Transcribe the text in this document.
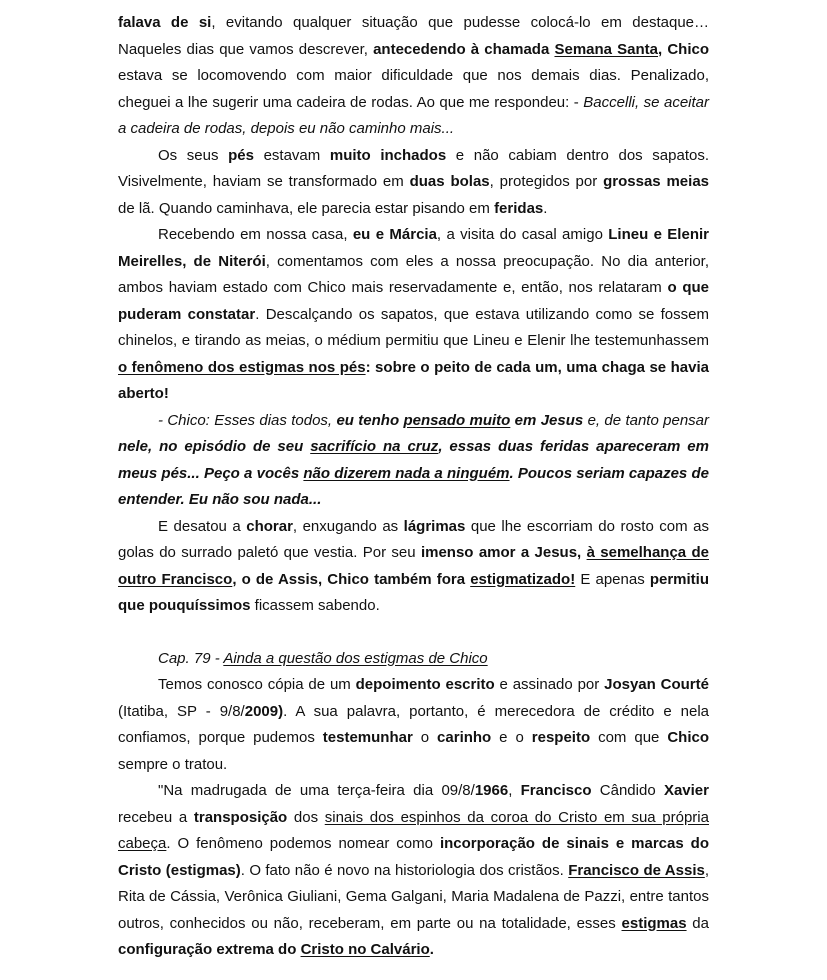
falava de si, evitando qualquer situação que pudesse colocá-lo em destaque… Naqueles dias que vamos descrever, antecedendo à chamada Semana Santa, Chico estava se locomovendo com maior dificuldade que nos demais dias. Penalizado, cheguei a lhe sugerir uma cadeira de rodas. Ao que me respondeu: - Baccelli, se aceitar a cadeira de rodas, depois eu não caminho mais...

Os seus pés estavam muito inchados e não cabiam dentro dos sapatos. Visivelmente, haviam se transformado em duas bolas, protegidos por grossas meias de lã. Quando caminhava, ele parecia estar pisando em feridas.

Recebendo em nossa casa, eu e Márcia, a visita do casal amigo Lineu e Elenir Meirelles, de Niterói, comentamos com eles a nossa preocupação. No dia anterior, ambos haviam estado com Chico mais reservadamente e, então, nos relataram o que puderam constatar. Descalçando os sapatos, que estava utilizando como se fossem chinelos, e tirando as meias, o médium permitiu que Lineu e Elenir lhe testemunhassem o fenômeno dos estigmas nos pés: sobre o peito de cada um, uma chaga se havia aberto!

- Chico: Esses dias todos, eu tenho pensado muito em Jesus e, de tanto pensar nele, no episódio de seu sacrifício na cruz, essas duas feridas apareceram em meus pés... Peço a vocês não dizerem nada a ninguém. Poucos seriam capazes de entender. Eu não sou nada...

E desatou a chorar, enxugando as lágrimas que lhe escorriam do rosto com as golas do surrado paletó que vestia. Por seu imenso amor a Jesus, à semelhança de outro Francisco, o de Assis, Chico também fora estigmatizado! E apenas permitiu que pouquíssimos ficassem sabendo.

Cap. 79 - Ainda a questão dos estigmas de Chico

Temos conosco cópia de um depoimento escrito e assinado por Josyan Courté (Itatiba, SP - 9/8/2009). A sua palavra, portanto, é merecedora de crédito e nela confiamos, porque pudemos testemunhar o carinho e o respeito com que Chico sempre o tratou.

"Na madrugada de uma terça-feira dia 09/8/1966, Francisco Cândido Xavier recebeu a transposição dos sinais dos espinhos da coroa do Cristo em sua própria cabeça. O fenômeno podemos nomear como incorporação de sinais e marcas do Cristo (estigmas). O fato não é novo na historiologia dos cristãos. Francisco de Assis, Rita de Cássia, Verônica Giuliani, Gema Galgani, Maria Madalena de Pazzi, entre tantos outros, conhecidos ou não, receberam, em parte ou na totalidade, esses estigmas da configuração extrema do Cristo no Calvário.
